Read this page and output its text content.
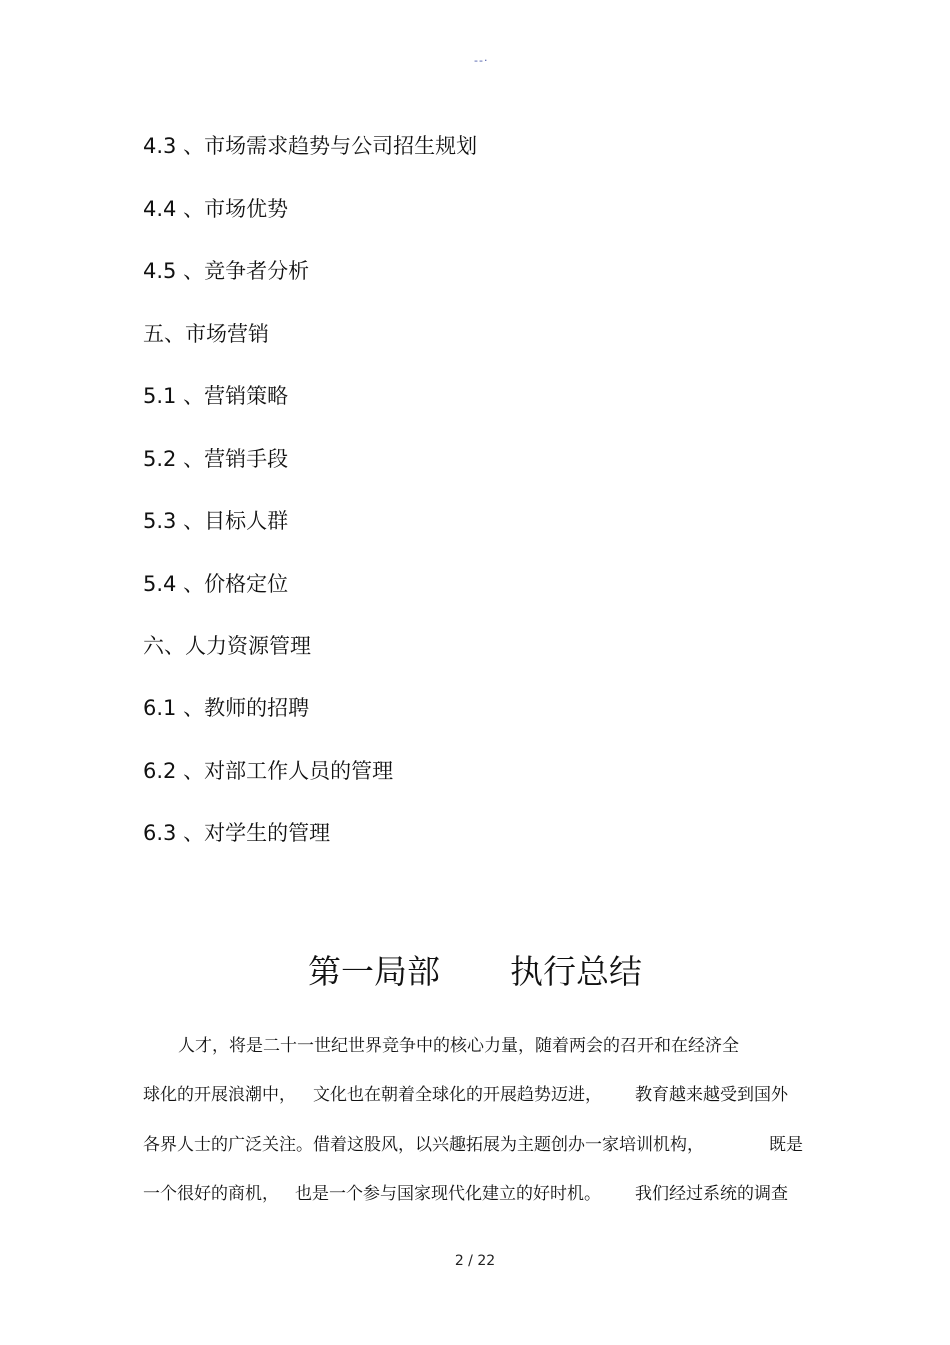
--·
4.3 、市场需求趋势与公司招生规划
4.4 、市场优势
4.5 、竞争者分析
五、市场营销
5.1 、营销策略
5.2 、营销手段
5.3 、目标人群
5.4 、价格定位
六、人力资源管理
6.1 、教师的招聘
6.2 、对部工作人员的管理
6.3 、对学生的管理
第一局部 执行总结
人才，将是二十一世纪世界竞争中的核心力量，随着两会的召开和在经济全
球化的开展浪潮中， 文化也在朝着全球化的开展趋势迈进， 教育越来越受到国外
各界人士的广泛关注。借着这股风，以兴趣拓展为主题创办一家培训机构，	既是
一个很好的商机， 也是一个参与国家现代化建立的好时机。 我们经过系统的调查
2 / 22
